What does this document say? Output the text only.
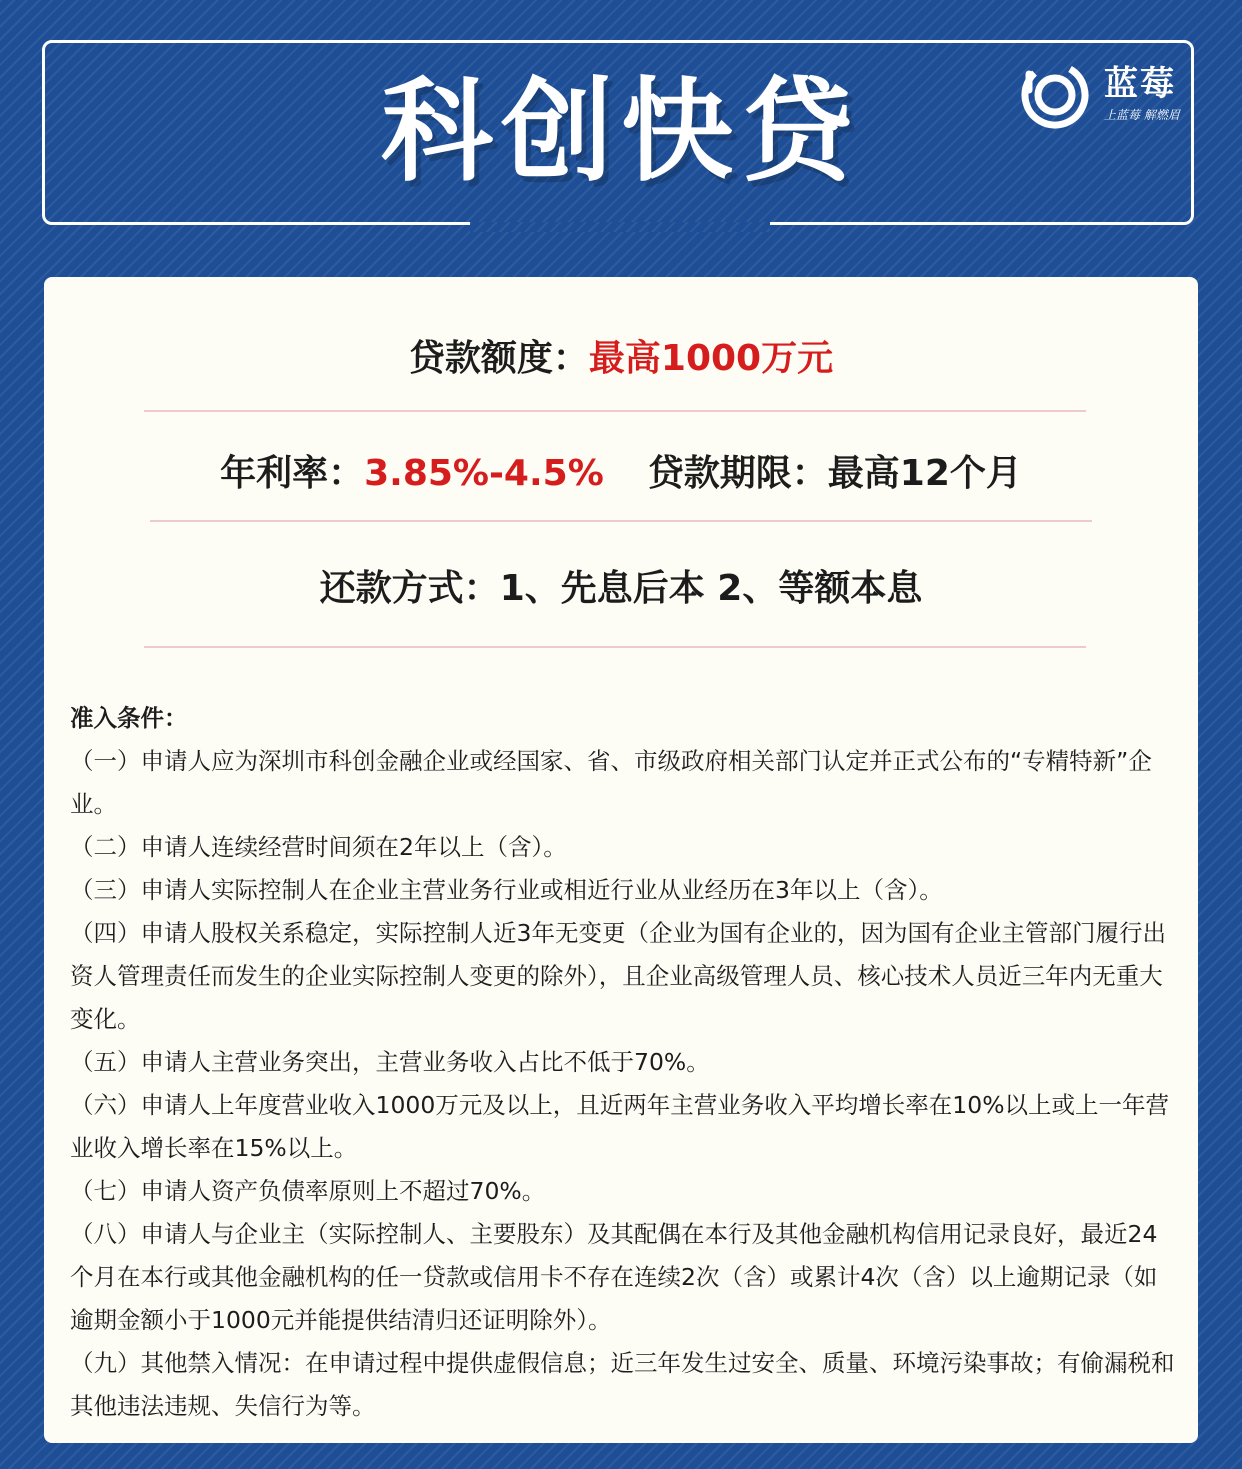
科创快贷	蓝莓
上蓝莓 解燃眉
贷款额度：最高1000万元
年利率：3.85%-4.5% 贷款期限：最高12个月
还款方式：1、先息后本 2、等额本息
准入条件：

（一）申请人应为深圳市科创金融企业或经国家、省、市级政府相关部门认定并正式公布的“专精特新”企业。

（二）申请人连续经营时间须在2年以上（含）。

（三）申请人实际控制人在企业主营业务行业或相近行业从业经历在3年以上（含）。

（四）申请人股权关系稳定，实际控制人近3年无变更（企业为国有企业的，因为国有企业主管部门履行出资人管理责任而发生的企业实际控制人变更的除外），且企业高级管理人员、核心技术人员近三年内无重大变化。

（五）申请人主营业务突出，主营业务收入占比不低于70%。

（六）申请人上年度营业收入1000万元及以上，且近两年主营业务收入平均增长率在10%以上或上一年营业收入增长率在15%以上。

（七）申请人资产负债率原则上不超过70%。

（八）申请人与企业主（实际控制人、主要股东）及其配偶在本行及其他金融机构信用记录良好，最近24个月在本行或其他金融机构的任一贷款或信用卡不存在连续2次（含）或累计4次（含）以上逾期记录（如逾期金额小于1000元并能提供结清归还证明除外）。

（九）其他禁入情况：在申请过程中提供虚假信息；近三年发生过安全、质量、环境污染事故；有偷漏税和其他违法违规、失信行为等。
